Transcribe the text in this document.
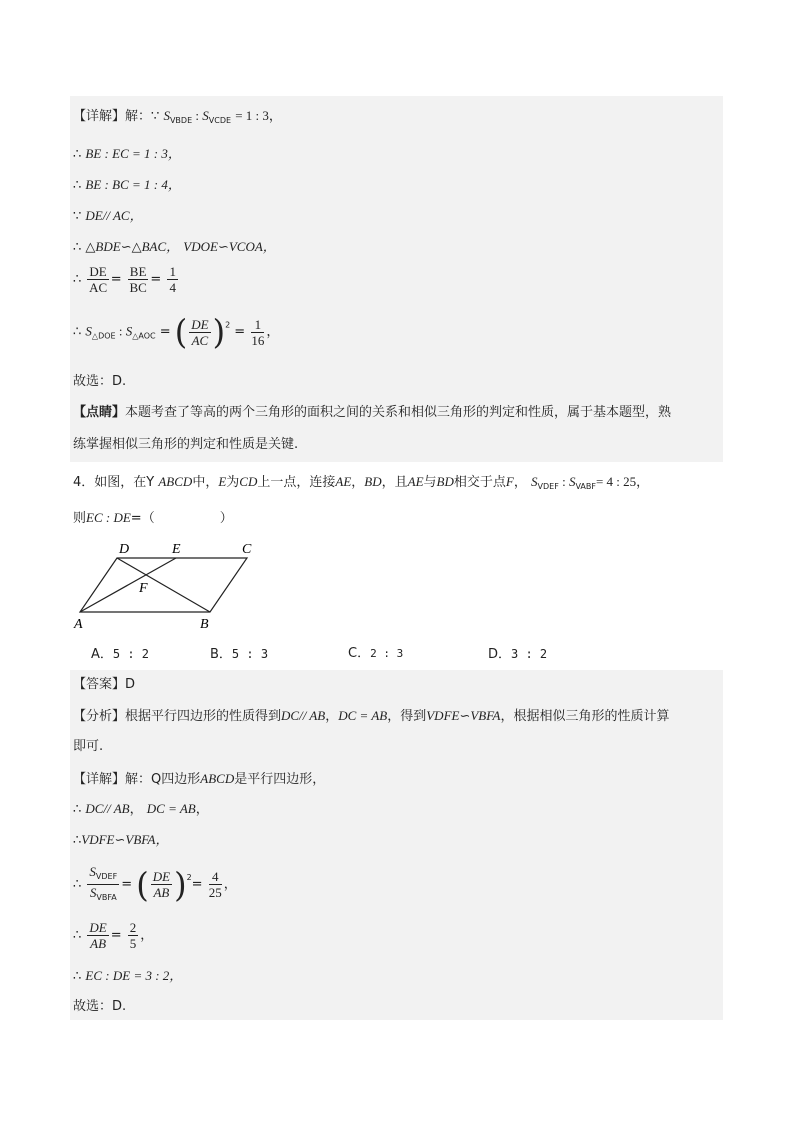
【详解】解：∵ $S_{VBDE}$ : $S_{VCDE} = 1$ : 3，
∴ BE : EC = 1 : 3，
∴ BE : BC = 1 : 4，
∵ DE// AC，
∴ △BDE∽△BAC， VDOE∽VCOA，
∴ $\frac{DE}{AC} = \frac{BE}{BC} = \frac{1}{4}$
∴ $S_{\triangle DOE}$ : $S_{\triangle AOC}$ = ( $\frac{DE}{AC} )^2 = \frac{1}{16}$ ，
故选：D.
【点睛】本题考查了等高的两个三角形的面积之间的关系和相似三角形的判定和性质，属于基本题型，熟
练掌握相似三角形的判定和性质是关键.
4．如图，在Y ABCD中，E为CD上一点，连接AE，BD，且AE与BD相交于点F， $S_{VDEF}$ : $S_{VABF}= 4$ : 25，
则EC : DE=（　　　　　）
D	E	C
F
A	B
A．5 : 2	B．5 : 3	C．2 : 3	D．3 : 2
【答案】D
【分析】根据平行四边形的性质得到DC// AB，DC = AB，得到VDFE∽VBFA，根据相似三角形的性质计算
即可.
【详解】解：Q四边形ABCD是平行四边形，
∴ DC// AB， DC = AB，
∴VDFE∽VBFA，
∴
$S_{VDEF}$
$S_{VBFA}$
= ( $\frac{DE}{AB} )^2= \frac{4}{25}$ ，
∴ $\frac{DE}{AB} = \frac{2}{5}$ ，
∴ EC : DE = 3 : 2，
故选：D.
